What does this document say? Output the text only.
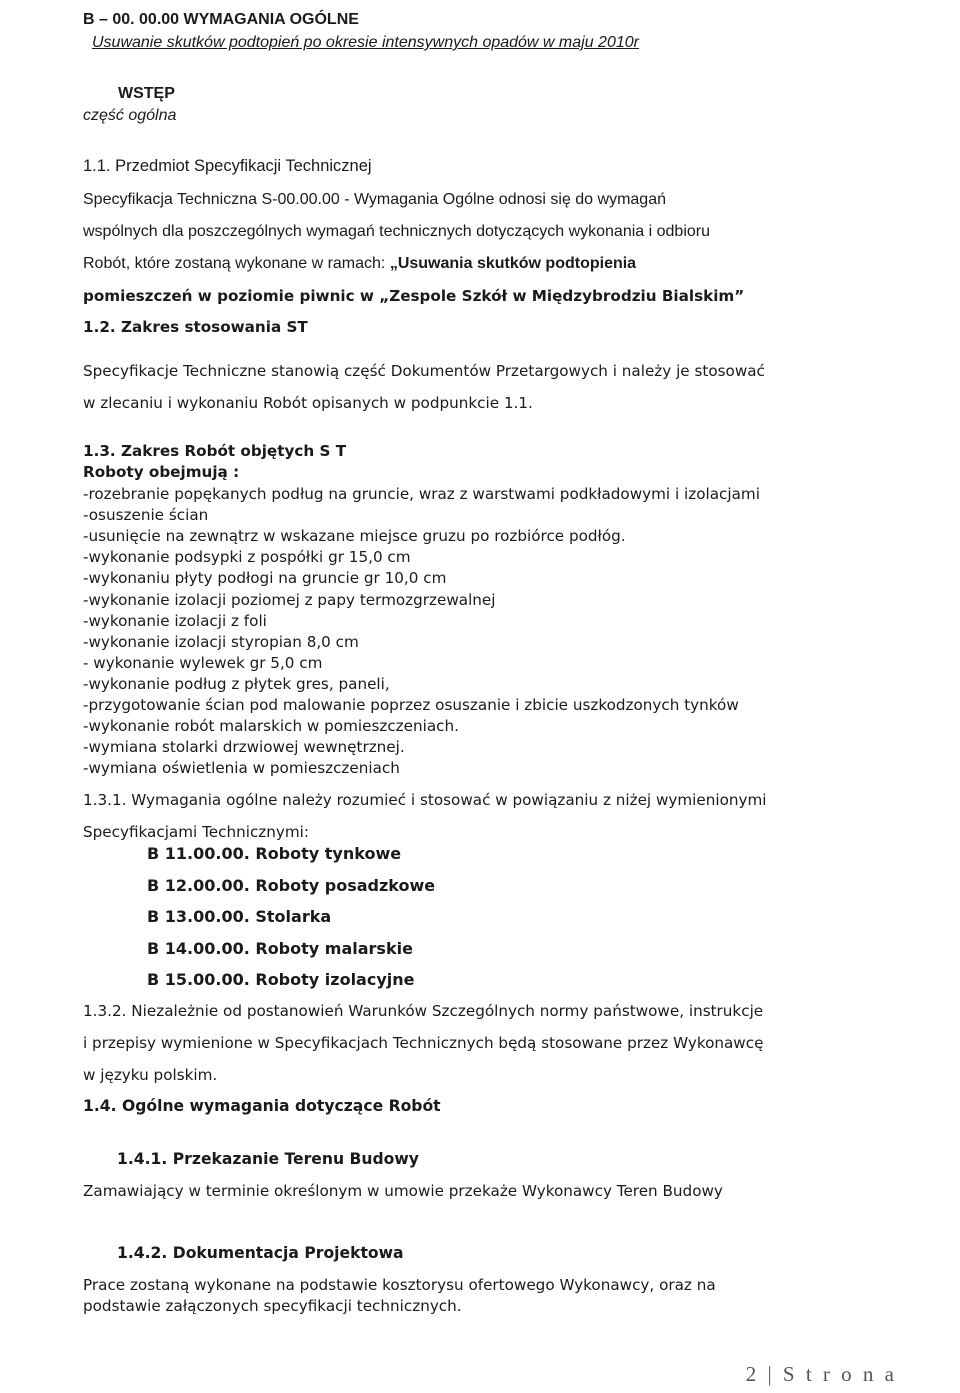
B – 00. 00.00 WYMAGANIA OGÓLNE
Usuwanie skutków podtopień po okresie intensywnych opadów w maju 2010r
WSTĘP
część ogólna
1.1. Przedmiot Specyfikacji Technicznej
Specyfikacja Techniczna S-00.00.00 - Wymagania Ogólne odnosi się do wymagań
wspólnych dla poszczególnych wymagań technicznych dotyczących wykonania i odbioru
Robót, które zostaną wykonane w ramach: „Usuwania skutków podtopienia
pomieszczeń w poziomie piwnic w „Zespole Szkół w Międzybrodziu Bialskim”
1.2. Zakres stosowania ST
Specyfikacje Techniczne stanowią część Dokumentów Przetargowych i należy je stosować
w zlecaniu i wykonaniu Robót opisanych w podpunkcie 1.1.
1.3. Zakres Robót objętych S T
Roboty obejmują :
-rozebranie popękanych podług na gruncie, wraz z warstwami podkładowymi i izolacjami
-osuszenie ścian
-usunięcie na zewnątrz w wskazane miejsce gruzu po rozbiórce podłóg.
-wykonanie podsypki z pospółki gr 15,0 cm
-wykonaniu płyty podłogi na gruncie gr 10,0 cm
-wykonanie izolacji poziomej z papy termozgrzewalnej
-wykonanie izolacji z foli
-wykonanie izolacji styropian 8,0 cm
- wykonanie wylewek gr 5,0 cm
-wykonanie podług z płytek gres, paneli,
-przygotowanie ścian pod malowanie poprzez osuszanie i zbicie uszkodzonych tynków
-wykonanie robót malarskich w pomieszczeniach.
-wymiana stolarki drzwiowej wewnętrznej.
-wymiana oświetlenia w pomieszczeniach
1.3.1. Wymagania ogólne należy rozumieć i stosować w powiązaniu z niżej wymienionymi
Specyfikacjami Technicznymi:
B 11.00.00. Roboty tynkowe
B 12.00.00. Roboty posadzkowe
B 13.00.00. Stolarka
B 14.00.00. Roboty malarskie
B 15.00.00. Roboty izolacyjne
1.3.2. Niezależnie od postanowień Warunków Szczególnych normy państwowe, instrukcje
i przepisy wymienione w Specyfikacjach Technicznych będą stosowane przez Wykonawcę
w języku polskim.
1.4. Ogólne wymagania dotyczące Robót
1.4.1. Przekazanie Terenu Budowy
Zamawiający w terminie określonym w umowie przekaże Wykonawcy Teren Budowy
1.4.2. Dokumentacja Projektowa
Prace zostaną wykonane na podstawie kosztorysu ofertowego Wykonawcy, oraz na
podstawie załączonych specyfikacji technicznych.
2 | S t r o n a
